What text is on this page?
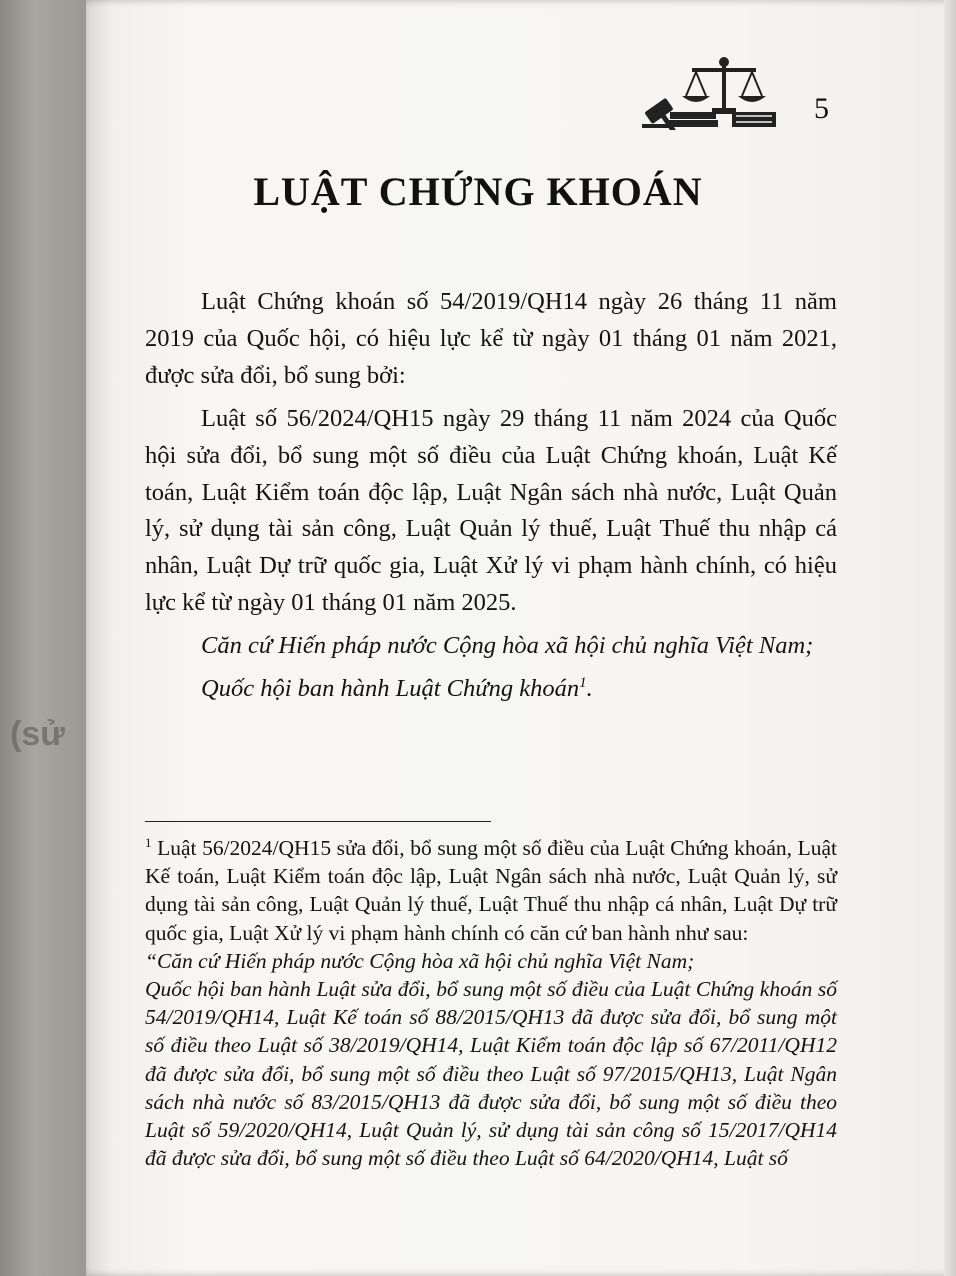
(sử
5
LUẬT CHỨNG KHOÁN

Luật Chứng khoán số 54/2019/QH14 ngày 26 tháng 11 năm 2019 của Quốc hội, có hiệu lực kể từ ngày 01 tháng 01 năm 2021, được sửa đổi, bổ sung bởi:

Luật số 56/2024/QH15 ngày 29 tháng 11 năm 2024 của Quốc hội sửa đổi, bổ sung một số điều của Luật Chứng khoán, Luật Kế toán, Luật Kiểm toán độc lập, Luật Ngân sách nhà nước, Luật Quản lý, sử dụng tài sản công, Luật Quản lý thuế, Luật Thuế thu nhập cá nhân, Luật Dự trữ quốc gia, Luật Xử lý vi phạm hành chính, có hiệu lực kể từ ngày 01 tháng 01 năm 2025.

Căn cứ Hiến pháp nước Cộng hòa xã hội chủ nghĩa Việt Nam;

Quốc hội ban hành Luật Chứng khoán$^1$.

$^1$ Luật 56/2024/QH15 sửa đổi, bổ sung một số điều của Luật Chứng khoán, Luật Kế toán, Luật Kiểm toán độc lập, Luật Ngân sách nhà nước, Luật Quản lý, sử dụng tài sản công, Luật Quản lý thuế, Luật Thuế thu nhập cá nhân, Luật Dự trữ quốc gia, Luật Xử lý vi phạm hành chính có căn cứ ban hành như sau:

“Căn cứ Hiến pháp nước Cộng hòa xã hội chủ nghĩa Việt Nam;

Quốc hội ban hành Luật sửa đổi, bổ sung một số điều của Luật Chứng khoán số 54/2019/QH14, Luật Kế toán số 88/2015/QH13 đã được sửa đổi, bổ sung một số điều theo Luật số 38/2019/QH14, Luật Kiểm toán độc lập số 67/2011/QH12 đã được sửa đổi, bổ sung một số điều theo Luật số 97/2015/QH13, Luật Ngân sách nhà nước số 83/2015/QH13 đã được sửa đổi, bổ sung một số điều theo Luật số 59/2020/QH14, Luật Quản lý, sử dụng tài sản công số 15/2017/QH14 đã được sửa đổi, bổ sung một số điều theo Luật số 64/2020/QH14, Luật số
